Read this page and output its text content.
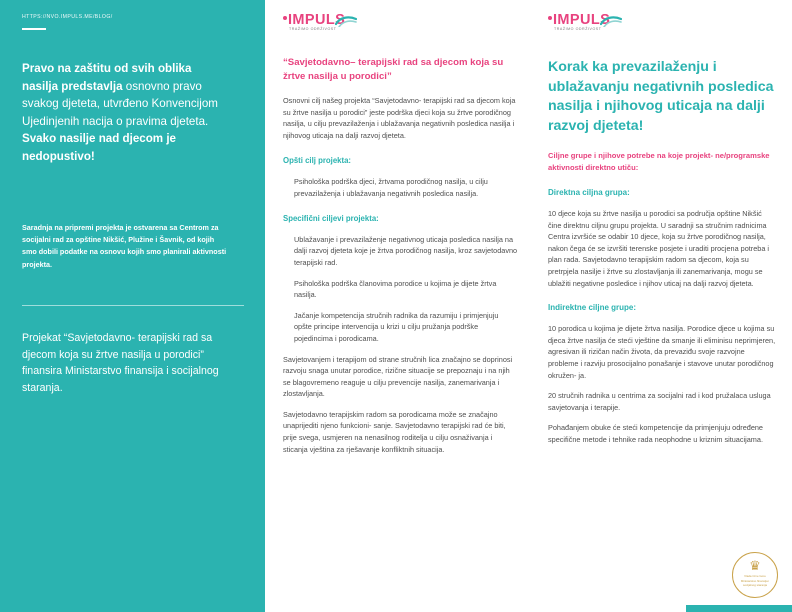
HTTPS://NVO.IMPULS.ME/BLOG/
Pravo na zaštitu od svih oblika nasilja predstavlja osnovno pravo svakog djeteta, utvrđeno Konvencijom Ujedinjenih nacija o pravima djeteta. Svako nasilje nad djecom je nedopustivo!
Saradnja na pripremi projekta je ostvarena sa Centrom za socijalni rad za opštine Nikšić, Plužine i Šavnik, od kojih smo dobili podatke na osnovu kojih smo planirali aktivnosti projekta.
Projekat “Savjetodavno- terapijski rad sa djecom koja su žrtve nasilja u porodici” finansira Ministarstvo finansija i socijalnog staranja.
IMPULS
TRAŽIMO ODRŽIVOST
“Savjetodavno– terapijski rad sa djecom koja su žrtve nasilja u porodici”
Osnovni cilj našeg projekta “Savjetodavno- terapijski rad sa djecom koja su žrtve nasilja u porodici” jeste podrška djeci koja su žrtve porodičnog nasilja, u cilju prevazilaženja i ublažavanja negativnih posledica nasilja i njihovog uticaja na dalji razvoj djeteta.
Opšti cilj projekta:
Psihološka podrška djeci, žrtvama porodičnog nasilja, u cilju prevazilaženja i ublažavanja negativnih posledica nasilja.
Specifični ciljevi projekta:
Ublažavanje i prevazilaženje negativnog uticaja posledica nasilja na dalji razvoj djeteta koje je žrtva porodičnog nasilja, kroz savjetodavno terapijski rad.
Psihološka podrška članovima porodice u kojima je dijete žrtva nasilja.
Jačanje kompetencija stručnih radnika da razumiju i primjenjuju opšte principe intervencija u krizi u cilju pružanja podrške pojedincima i porodicama.
Savjetovanjem i terapijom od strane stručnih lica značajno se doprinosi razvoju snaga unutar porodice, rizične situacije se prepoznaju i na njih se blagovremeno reaguje u cilju prevencije nasilja, zanemarivanja i zlostavljanja.
Savjetodavno terapijskim radom sa porodicama može se značajno unaprijediti njeno funkcioni- sanje. Savjetodavno terapijski rad će biti, prije svega, usmjeren na nenasilnog roditelja u cilju osnaživanja i sticanja vještina za rješavanje konfliktnih situacija.
IMPULS
TRAŽIMO ODRŽIVOST
Korak ka prevazilaženju i ublažavanju negativnih posledica nasilja i njihovog uticaja na dalji razvoj djeteta!
Ciljne grupe i njihove potrebe na koje projekt- ne/programske aktivnosti direktno utiču:
Direktna ciljna grupa:
10 djece koja su žrtve nasilja u porodici sa područja opštine Nikšić čine direktnu ciljnu grupu projekta. U saradnji sa stručnim radnicima Centra izvršiće se odabir 10 djece, koja su žrtve porodičnog nasilja, nakon čega će se izvršiti terenske posjete i uraditi procjena potreba i plan rada. Savjetodavno terapijskim radom sa djecom, koja su pretrpjela nasilje i žrtve su zlostavljanja ili zanemarivanja, mogu se ublažiti negativne posledice i njihov uticaj na dalji razvoj djeteta.
Indirektne ciljne grupe:
10 porodica u kojima je dijete žrtva nasilja. Porodice djece u kojima su djeca žrtve nasilja će steći vještine da smanje ili eliminisu neprimjeren, agresivan ili rizičan način života, da prevaziđu svoje razvojne probleme i razviju prosocijalno ponašanje i stavove unutar porodičnog okružen- ja.
20 stručnih radnika u centrima za socijalni rad i kod pružalaca usluga savjetovanja i terapije.
Pohađanjem obuke će steći kompetencije da primjenjuju određene specifične metode i tehnike rada neophodne u kriznim situacijama.
♛
Vlada Crne Gore
Ministarstvo finansija i socijalnog staranja
